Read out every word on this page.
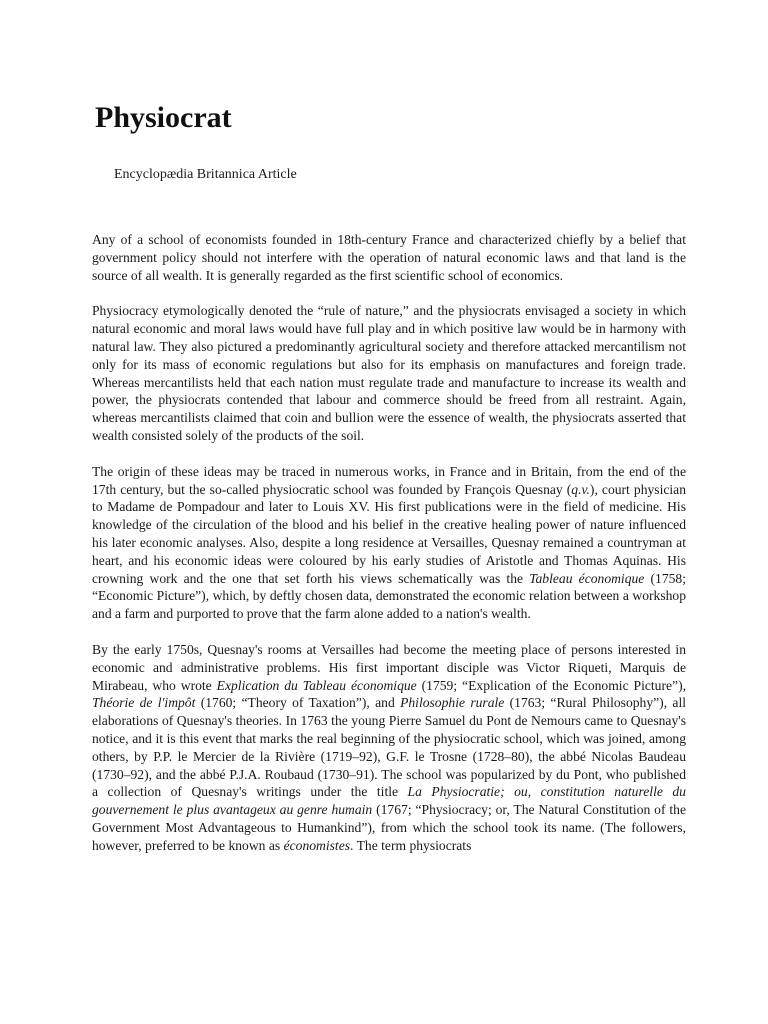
Physiocrat
Encyclopædia Britannica Article

Any of a school of economists founded in 18th-century France and characterized chiefly by a belief that government policy should not interfere with the operation of natural economic laws and that land is the source of all wealth. It is generally regarded as the first scientific school of economics.

Physiocracy etymologically denoted the “rule of nature,” and the physiocrats envisaged a society in which natural economic and moral laws would have full play and in which positive law would be in harmony with natural law. They also pictured a predominantly agricultural society and therefore attacked mercantilism not only for its mass of economic regulations but also for its emphasis on manufactures and foreign trade. Whereas mercantilists held that each nation must regulate trade and manufacture to increase its wealth and power, the physiocrats contended that labour and commerce should be freed from all restraint. Again, whereas mercantilists claimed that coin and bullion were the essence of wealth, the physiocrats asserted that wealth consisted solely of the products of the soil.

The origin of these ideas may be traced in numerous works, in France and in Britain, from the end of the 17th century, but the so-called physiocratic school was founded by François Quesnay (q.v.), court physician to Madame de Pompadour and later to Louis XV. His first publications were in the field of medicine. His knowledge of the circulation of the blood and his belief in the creative healing power of nature influenced his later economic analyses. Also, despite a long residence at Versailles, Quesnay remained a countryman at heart, and his economic ideas were coloured by his early studies of Aristotle and Thomas Aquinas. His crowning work and the one that set forth his views schematically was the Tableau économique (1758; “Economic Picture”), which, by deftly chosen data, demonstrated the economic relation between a workshop and a farm and purported to prove that the farm alone added to a nation's wealth.

By the early 1750s, Quesnay's rooms at Versailles had become the meeting place of persons interested in economic and administrative problems. His first important disciple was Victor Riqueti, Marquis de Mirabeau, who wrote Explication du Tableau économique (1759; “Explication of the Economic Picture”), Théorie de l'impôt (1760; “Theory of Taxation”), and Philosophie rurale (1763; “Rural Philosophy”), all elaborations of Quesnay's theories. In 1763 the young Pierre Samuel du Pont de Nemours came to Quesnay's notice, and it is this event that marks the real beginning of the physiocratic school, which was joined, among others, by P.P. le Mercier de la Rivière (1719–92), G.F. le Trosne (1728–80), the abbé Nicolas Baudeau (1730–92), and the abbé P.J.A. Roubaud (1730–91). The school was popularized by du Pont, who published a collection of Quesnay's writings under the title La Physiocratie; ou, constitution naturelle du gouvernement le plus avantageux au genre humain (1767; “Physiocracy; or, The Natural Constitution of the Government Most Advantageous to Humankind”), from which the school took its name. (The followers, however, preferred to be known as économistes. The term physiocrats
